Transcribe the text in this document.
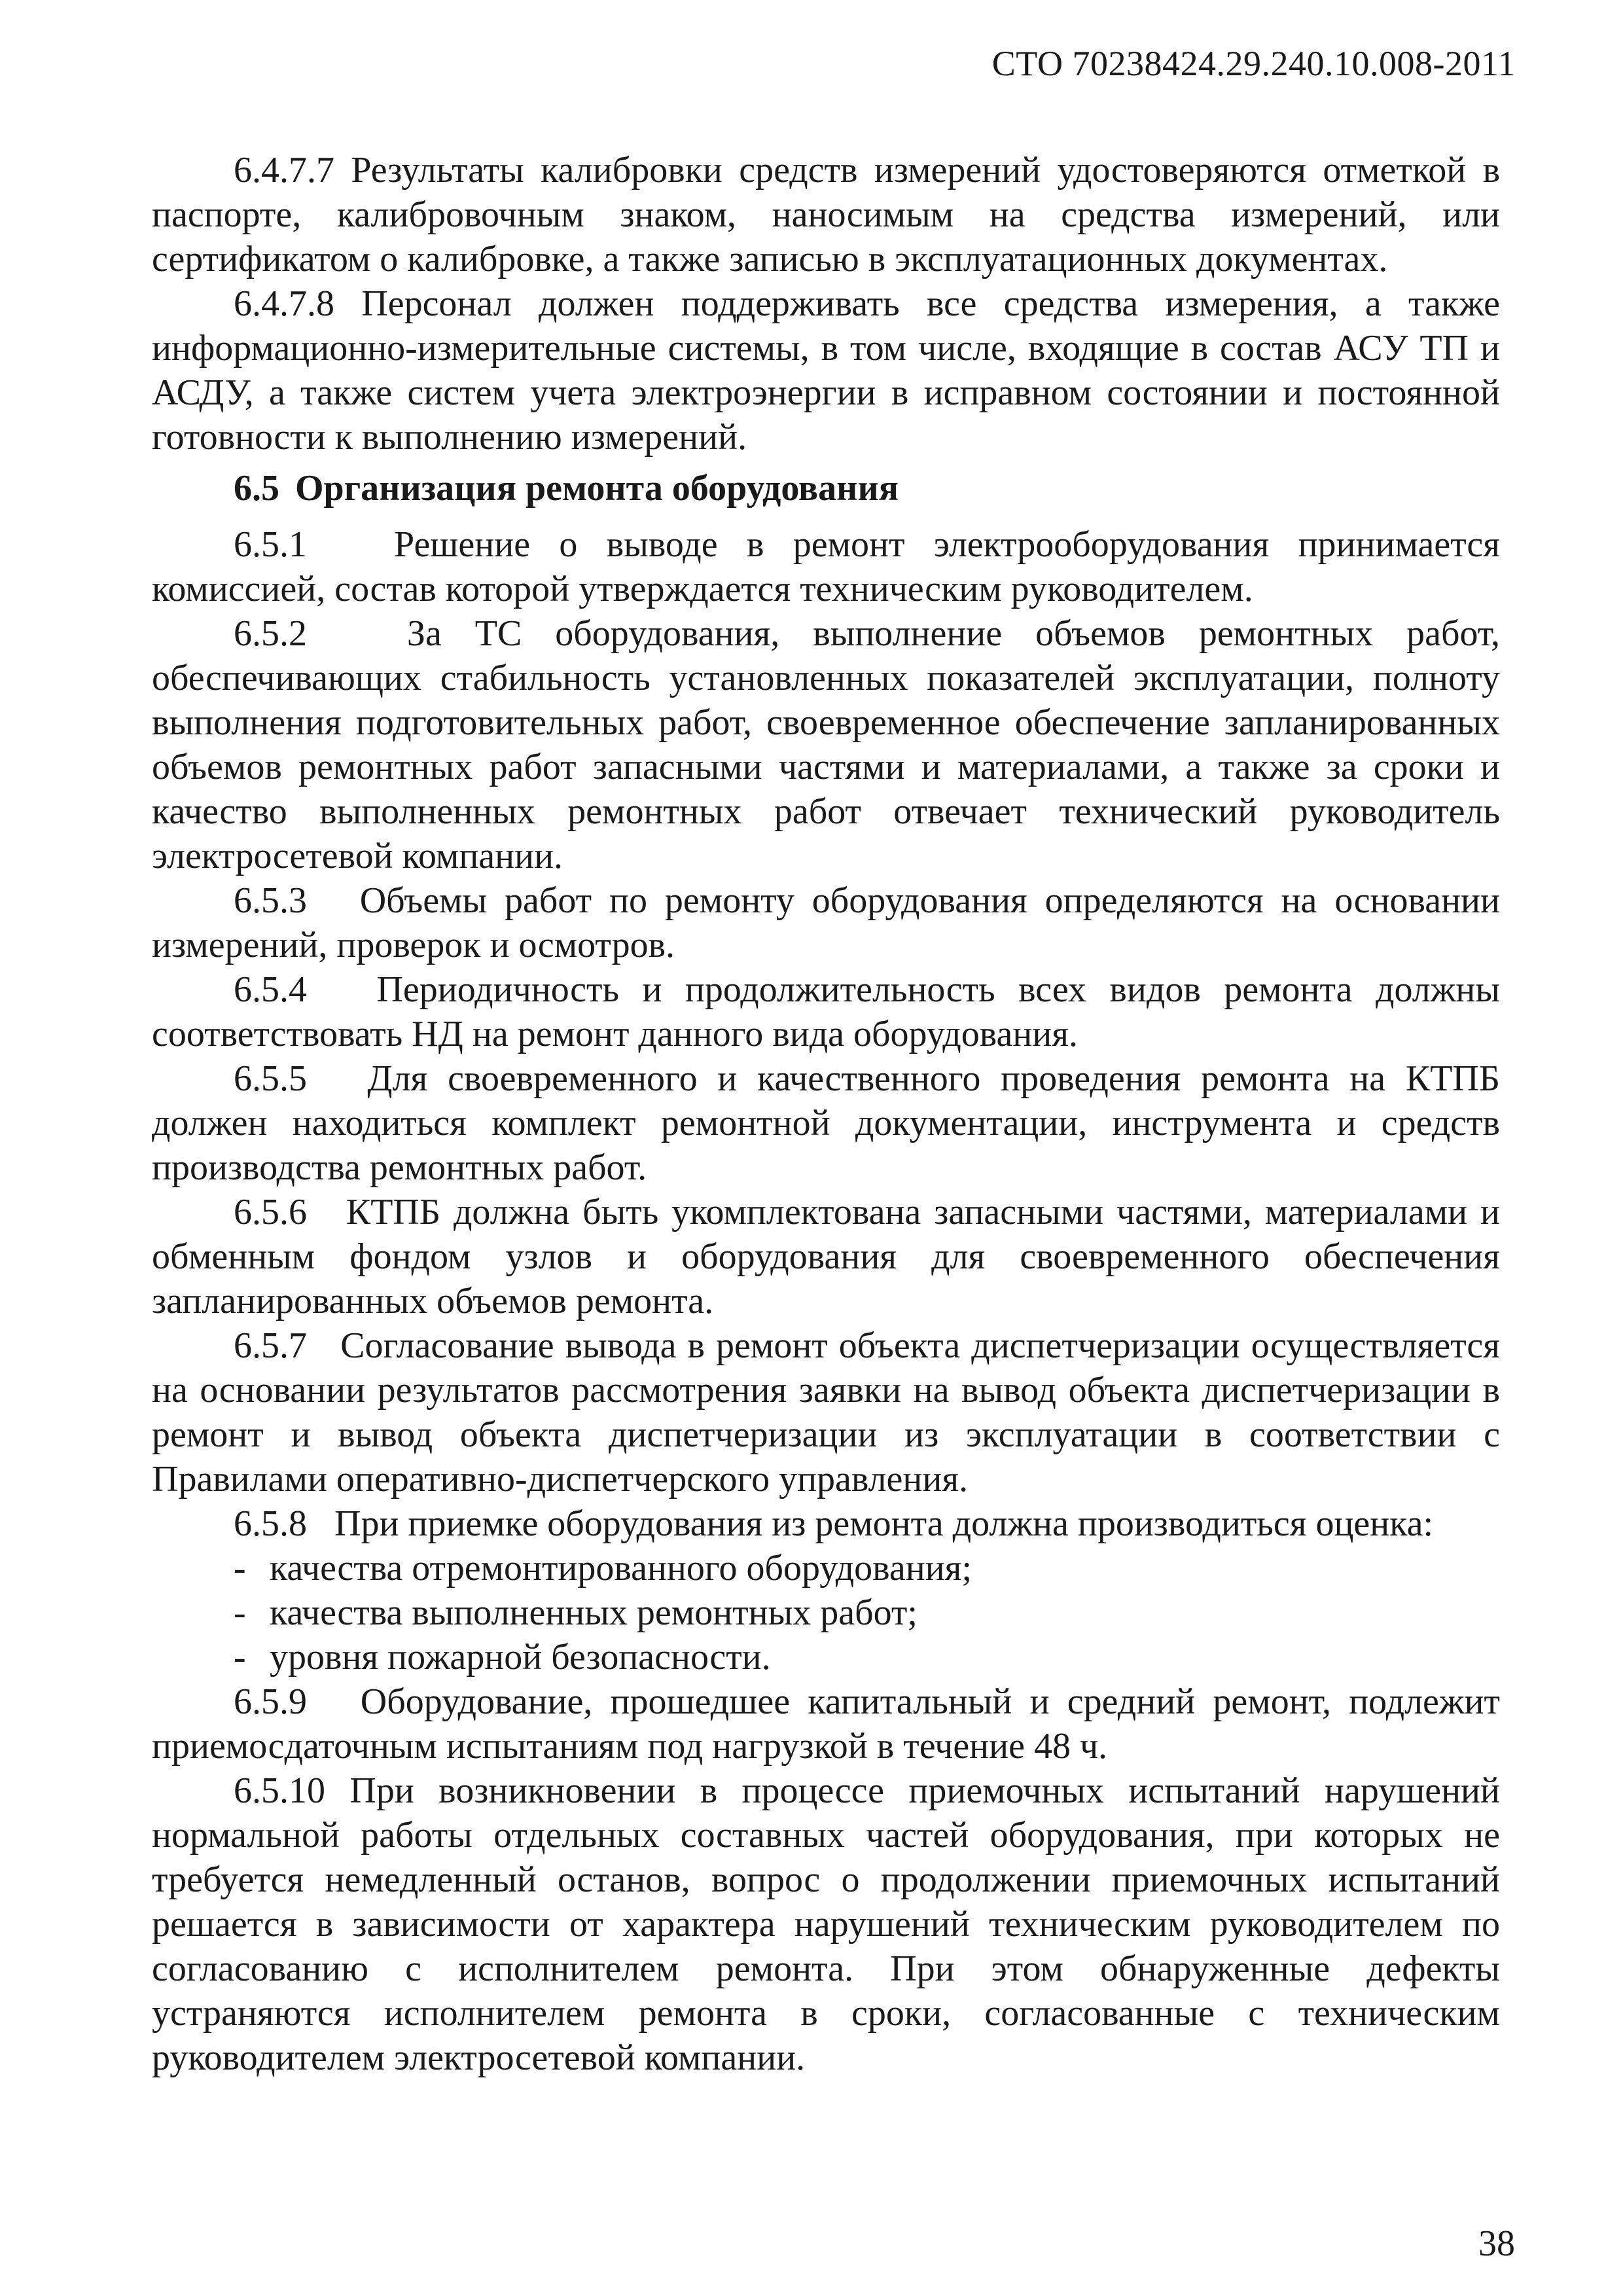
СТО 70238424.29.240.10.008-2011

6.4.7.7 Результаты калибровки средств измерений удостоверяются отметкой в паспорте, калибровочным знаком, наносимым на средства измерений, или сертификатом о калибровке, а также записью в эксплуатационных документах.

6.4.7.8 Персонал должен поддерживать все средства измерения, а также информационно-измерительные системы, в том числе, входящие в состав АСУ ТП и АСДУ, а также систем учета электроэнергии в исправном состоянии и постоянной готовности к выполнению измерений.

6.5 Организация ремонта оборудования

6.5.1 Решение о выводе в ремонт электрооборудования принимается комиссией, состав которой утверждается техническим руководителем.

6.5.2	За ТС оборудования, выполнение объемов ремонтных работ, обеспечивающих стабильность установленных показателей эксплуатации, полноту выполнения подготовительных работ, своевременное обеспечение запланированных объемов ремонтных работ запасными частями и материалами, а также за сроки и качество выполненных ремонтных работ отвечает технический руководитель электросетевой компании.

6.5.3 Объемы работ по ремонту оборудования определяются на основании измерений, проверок и осмотров.

6.5.4 Периодичность и продолжительность всех видов ремонта должны соответствовать НД на ремонт данного вида оборудования.

6.5.5 Для своевременного и качественного проведения ремонта на КТПБ должен находиться комплект ремонтной документации, инструмента и средств производства ремонтных работ.

6.5.6 КТПБ должна быть укомплектована запасными частями, материалами и обменным фондом узлов и оборудования для своевременного обеспечения запланированных объемов ремонта.

6.5.7 Согласование вывода в ремонт объекта диспетчеризации осуществляется на основании результатов рассмотрения заявки на вывод объекта диспетчеризации в ремонт и вывод объекта диспетчеризации из эксплуатации в соответствии с Правилами оперативно-диспетчерского управления.

6.5.8 При приемке оборудования из ремонта должна производиться оценка:

- качества отремонтированного оборудования;
- качества выполненных ремонтных работ;
- уровня пожарной безопасности.

6.5.9 Оборудование, прошедшее капитальный и средний ремонт, подлежит приемосдаточным испытаниям под нагрузкой в течение 48 ч.

6.5.10 При возникновении в процессе приемочных испытаний нарушений нормальной работы отдельных составных частей оборудования, при которых не требуется немедленный останов, вопрос о продолжении приемочных испытаний решается в зависимости от характера нарушений техническим руководителем по согласованию с исполнителем ремонта. При этом обнаруженные дефекты устраняются исполнителем ремонта в сроки, согласованные с техническим руководителем электросетевой компании.

38
